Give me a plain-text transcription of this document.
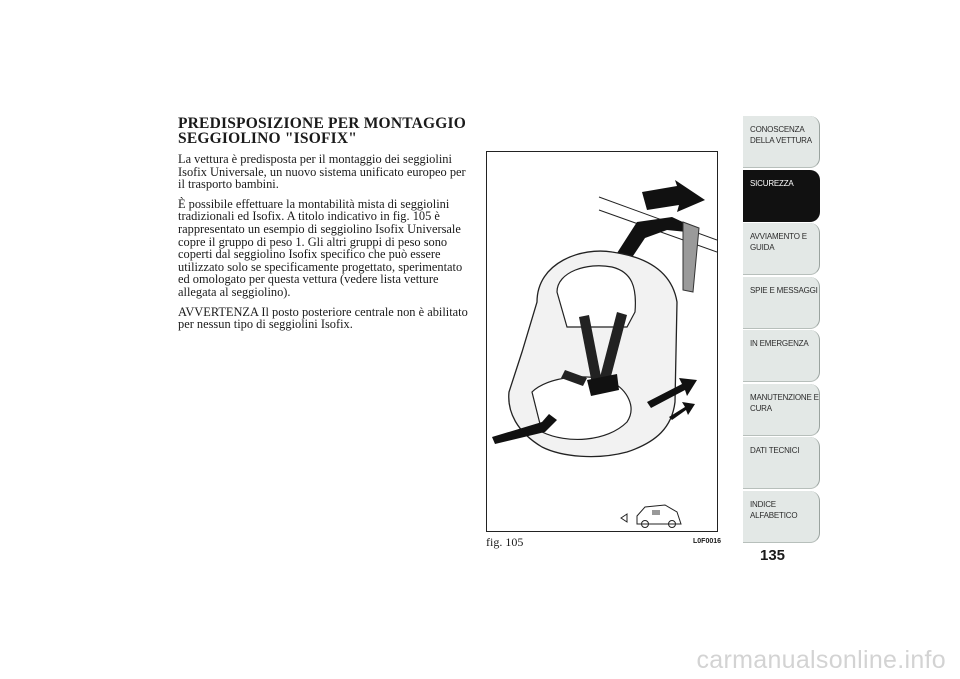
PREDISPOSIZIONE PER MONTAGGIO
SEGGIOLINO "ISOFIX"

La vettura è predisposta per il montaggio dei seggiolini Isofix Universale, un nuovo sistema unificato europeo per il trasporto bambini.

È possibile effettuare la montabilità mista di seggiolini tradizionali ed Isofix. A titolo indicativo in fig. 105 è rappresentato un esempio di seggiolino Isofix Universale copre il gruppo di peso 1. Gli altri gruppi di peso sono coperti dal seggiolino Isofix specifico che può essere utilizzato solo se specificamente progettato, sperimentato ed omologato per questa vettura (vedere lista vetture allegata al seggiolino).

AVVERTENZA Il posto posteriore centrale non è abilitato per nessun tipo di seggiolini Isofix.

fig. 105	L0F0016
CONOSCENZA DELLA VETTURA
SICUREZZA
AVVIAMENTO E GUIDA
SPIE E MESSAGGI
IN EMERGENZA
MANUTENZIONE E CURA
DATI TECNICI
INDICE ALFABETICO
135
carmanualsonline.info
